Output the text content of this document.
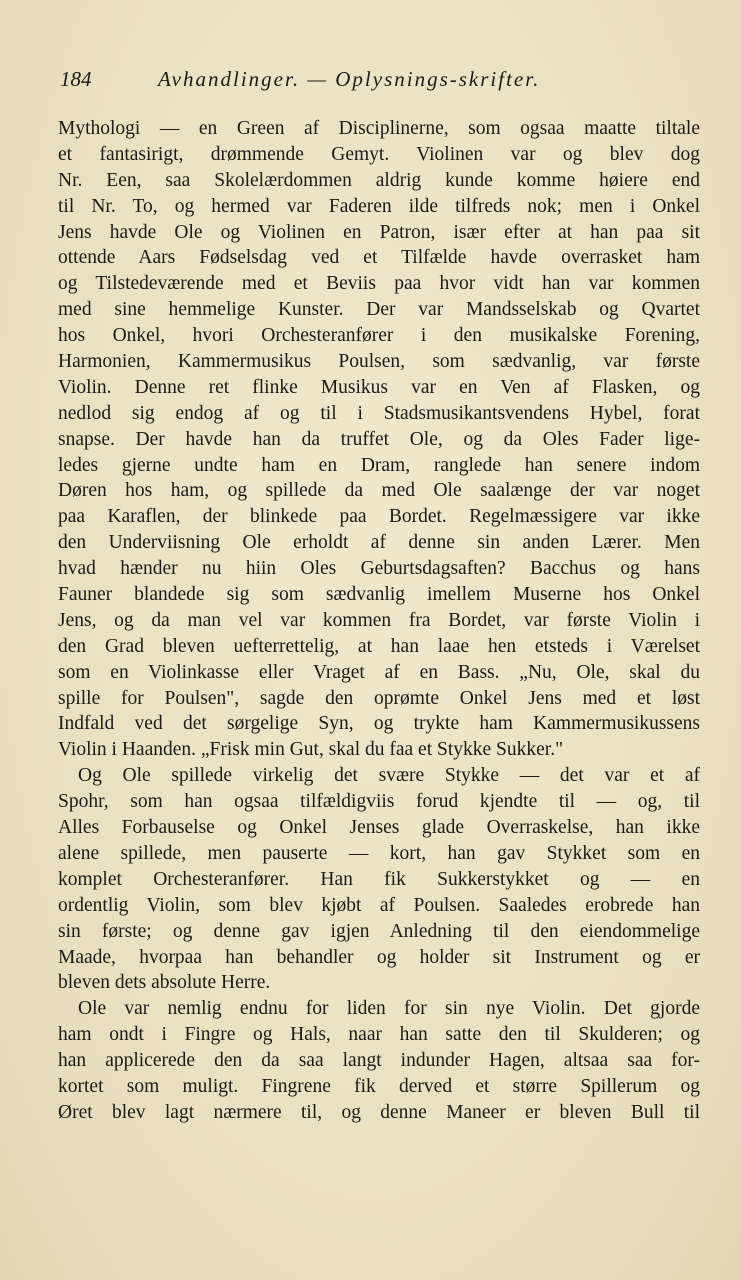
184	Avhandlinger. — Oplysnings-skrifter.
Mythologi — en Green af Disciplinerne, som ogsaa maatte tiltale
et fantasirigt, drømmende Gemyt. Violinen var og blev dog
Nr. Een, saa Skolelærdommen aldrig kunde komme høiere end
til Nr. To, og hermed var Faderen ilde tilfreds nok; men i Onkel
Jens havde Ole og Violinen en Patron, især efter at han paa sit
ottende Aars Fødselsdag ved et Tilfælde havde overrasket ham
og Tilstedeværende med et Beviis paa hvor vidt han var kommen
med sine hemmelige Kunster. Der var Mandsselskab og Qvartet
hos Onkel, hvori Orchesteranfører i den musikalske Forening,
Harmonien, Kammermusikus Poulsen, som sædvanlig, var første
Violin. Denne ret flinke Musikus var en Ven af Flasken, og
nedlod sig endog af og til i Stadsmusikantsvendens Hybel, forat
snapse. Der havde han da truffet Ole, og da Oles Fader lige-
ledes gjerne undte ham en Dram, ranglede han senere indom
Døren hos ham, og spillede da med Ole saalænge der var noget
paa Karaflen, der blinkede paa Bordet. Regelmæssigere var ikke
den Underviisning Ole erholdt af denne sin anden Lærer. Men
hvad hænder nu hiin Oles Geburtsdagsaften? Bacchus og hans
Fauner blandede sig som sædvanlig imellem Muserne hos Onkel
Jens, og da man vel var kommen fra Bordet, var første Violin i
den Grad bleven uefterrettelig, at han laae hen etsteds i Værelset
som en Violinkasse eller Vraget af en Bass. „Nu, Ole, skal du
spille for Poulsen", sagde den oprømte Onkel Jens med et løst
Indfald ved det sørgelige Syn, og trykte ham Kammermusikussens
Violin i Haanden. „Frisk min Gut, skal du faa et Stykke Sukker."
Og Ole spillede virkelig det svære Stykke — det var et af
Spohr, som han ogsaa tilfældigviis forud kjendte til — og, til
Alles Forbauselse og Onkel Jenses glade Overraskelse, han ikke
alene spillede, men pauserte — kort, han gav Stykket som en
komplet Orchesteranfører. Han fik Sukkerstykket og — en
ordentlig Violin, som blev kjøbt af Poulsen. Saaledes erobrede han
sin første; og denne gav igjen Anledning til den eiendommelige
Maade, hvorpaa han behandler og holder sit Instrument og er
bleven dets absolute Herre.
Ole var nemlig endnu for liden for sin nye Violin. Det gjorde
ham ondt i Fingre og Hals, naar han satte den til Skulderen; og
han applicerede den da saa langt indunder Hagen, altsaa saa for-
kortet som muligt. Fingrene fik derved et større Spillerum og
Øret blev lagt nærmere til, og denne Maneer er bleven Bull til
